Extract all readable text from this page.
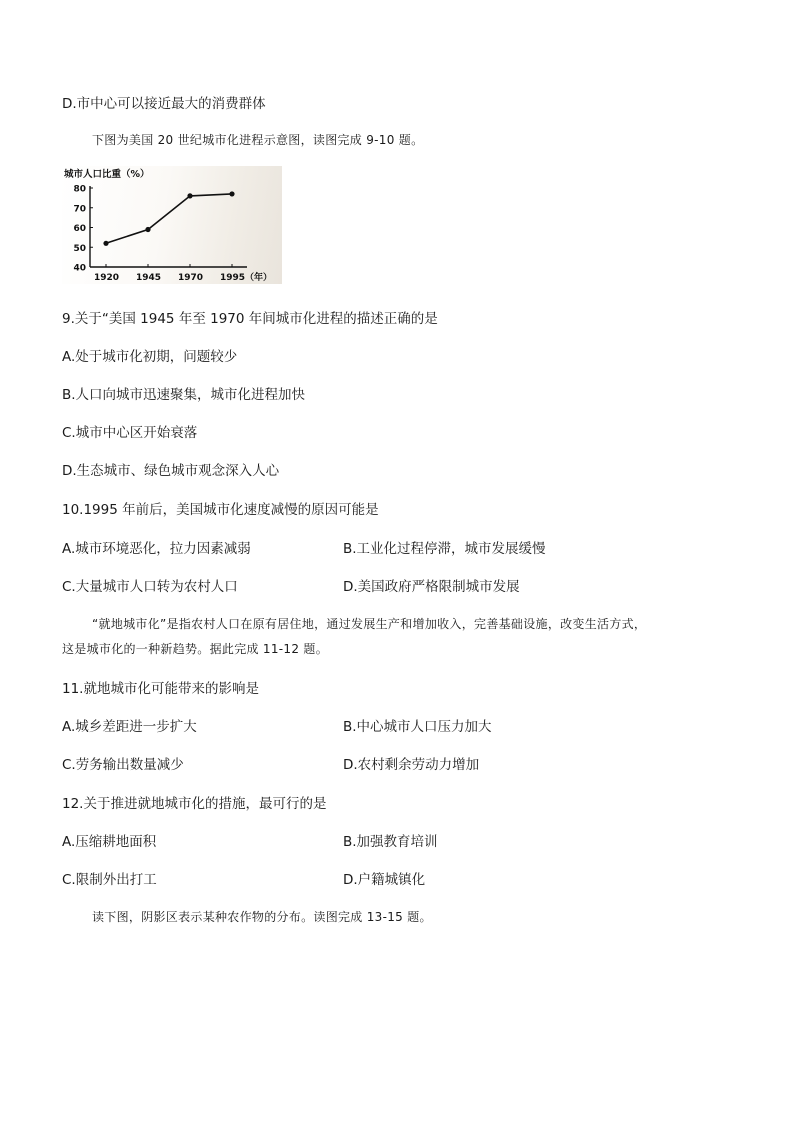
D.市中心可以接近最大的消费群体
下图为美国 20 世纪城市化进程示意图，读图完成 9-10 题。
城市人口比重（%）
40
50
60
70
80
1920 1945 1970 1995（年）
9.关于“美国 1945 年至 1970 年间城市化进程的描述正确的是
A.处于城市化初期，问题较少
B.人口向城市迅速聚集，城市化进程加快
C.城市中心区开始衰落
D.生态城市、绿色城市观念深入人心
10.1995 年前后，美国城市化速度减慢的原因可能是
A.城市环境恶化，拉力因素减弱	B.工业化过程停滞，城市发展缓慢
C.大量城市人口转为农村人口	D.美国政府严格限制城市发展
“就地城市化”是指农村人口在原有居住地，通过发展生产和增加收入，完善基础设施，改变生活方式，
这是城市化的一种新趋势。据此完成 11-12 题。
11.就地城市化可能带来的影响是
A.城乡差距进一步扩大	B.中心城市人口压力加大
C.劳务输出数量减少	D.农村剩余劳动力增加
12.关于推进就地城市化的措施，最可行的是
A.压缩耕地面积	B.加强教育培训
C.限制外出打工	D.户籍城镇化
读下图，阴影区表示某种农作物的分布。读图完成 13-15 题。
